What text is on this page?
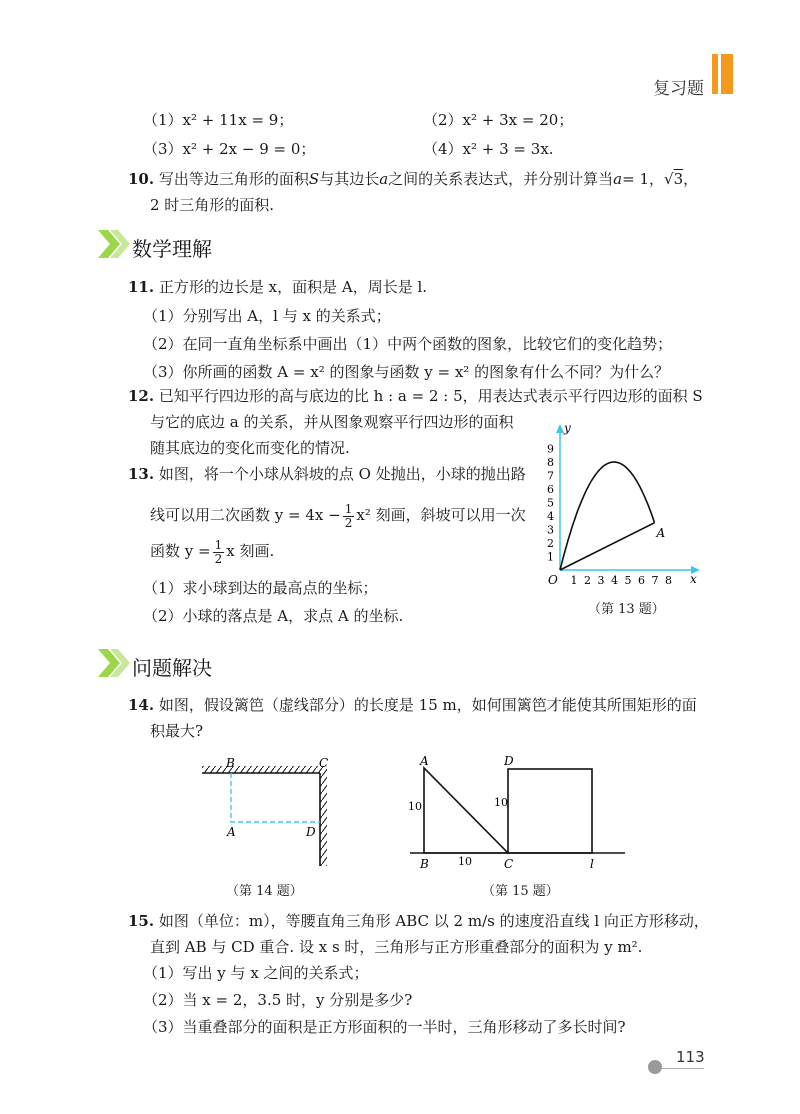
复习题
（1）x² + 11x = 9；	（2）x² + 3x = 20；
（3）x² + 2x − 9 = 0；	（4）x² + 3 = 3x.
10. 写出等边三角形的面积S与其边长a之间的关系表达式，并分别计算当a= 1，√3，
2 时三角形的面积.
数学理解
11. 正方形的边长是 x，面积是 A，周长是 l.
（1）分别写出 A，l 与 x 的关系式；
（2）在同一直角坐标系中画出（1）中两个函数的图象，比较它们的变化趋势；
（3）你所画的函数 A = x² 的图象与函数 y = x² 的图象有什么不同？为什么？
12. 已知平行四边形的高与底边的比 h : a = 2 : 5，用表达式表示平行四边形的面积 S
与它的底边 a 的关系，并从图象观察平行四边形的面积
随其底边的变化而变化的情况.
13. 如图，将一个小球从斜坡的点 O 处抛出，小球的抛出路
线可以用二次函数 $y = 4x - \frac{1}{2} x^2$ 刻画，斜坡可以用一次
函数 $y = \frac{1}{2}$ x 刻画.
（1）求小球到达的最高点的坐标；
（2）小球的落点是 A，求点 A 的坐标.
y
x
O
1
2
3
4
5
6
7
8
9
1 2 3 4 5 6 7 8
A
（第 13 题）
问题解决
14. 如图，假设篱笆（虚线部分）的长度是 15 m，如何围篱笆才能使其所围矩形的面
积最大?
B	C
A	D
（第 14 题）
A
B	C
D
l
10
10
10
（第 15 题）
15. 如图（单位：m），等腰直角三角形 ABC 以 2 m/s 的速度沿直线 l 向正方形移动，
直到 AB 与 CD 重合. 设 x s 时，三角形与正方形重叠部分的面积为 y m².
（1）写出 y 与 x 之间的关系式；
（2）当 x = 2，3.5 时，y 分别是多少?
（3）当重叠部分的面积是正方形面积的一半时，三角形移动了多长时间?
113
